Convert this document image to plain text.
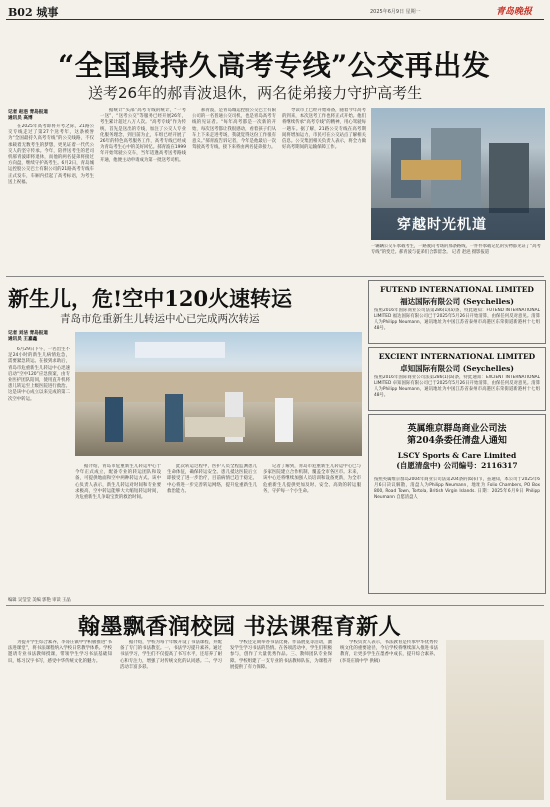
B02 城事	2025年6月9日 星期一	青岛晚报
“全国最持久高考专线”公交再出发
送考26年的郝青波退休，两名徒弟接力守护高考生
记者 赵浥 青岛报道
通讯员 高博
在2025年高考即将开考之际，21路公交专线走过了第27个送考年，这条被誉为“全国最持久高考专线”的公交线路，不仅承载着无数考生的梦想，更见证着一代代公交人的坚守传承。今年，陪伴送考生的老司机郝青波即将退休，而他的两名徒弟将接过方向盘，继续守护高考生。6月2日，青岛城运控股公交巴士有限公司的21路高考专线车正式发车，车厢内挂起了高考标语，为考生送上祝福。
据统计“头部”高考专线的统计，“一考一送”，“送考公交”等服务已经开展26年，考生累计超过八万人次。“高考专线”作为传统，首先是送出的专线，加注了公交人专业化服务理念，到目前为止，车组已经开展了26年的特色高考服务工作，高考专线已经成为青岛考生心中的美好回忆。郝青波在1999年开始驾驶公交车，当年适逢高考送考路线开通，他便主动申请成为第一批送考司机。
郝青波，是青岛城运控股公交巴士有限公司的一名普通公交司机，也是青岛高考专线的见证者。“每年高考都是一次新的开始，每次送考都让我很感动，看着孩子们从车上下来走进考场，我就觉得这份工作很有意义。”郝青波告诉记者，今年是他最后一次驾驶高考专线，接下来将由两名徒弟接力。
导读市上已经开始筹备，随着今年高考的到来，本次送考工作也将正式开始。他们将继续传承“高考专线”的精神，用心驾驶每一趟车。据了解，21路公交专线在高考期间将增加运力，市民可在公交站点了解相关信息。公交集团相关负责人表示，将全力做好高考期间的运输保障工作。
穿越时光机道
一辆辆公交车承载考生，一路驶向考场的那条路线，一件件承载记忆的实物都见证了“高考专线”的变迁。郝青波与徒弟们合影留念。 记者 赵浥 摄影报道
新生儿，危!空中120火速转运
青岛市危重新生儿转运中心已完成两次转运
记者 刘洁 青岛报道
通讯员 王嘉鑫
6月29日下午，一名出生不足24小时的新生儿病情危急，需要紧急转运。在接到求助后，青岛市危重新生儿转运中心迅速启动“空中120”应急预案，由专业医护团队陪同，使用直升机将患儿转运至上级医院进行救治。这是该中心成立以来完成的第二次空中转运。
据介绍，青岛市危重新生儿转运中心于今年正式成立，配备专业的转运团队和设备，可提供地面和空中两种转运方式。该中心负责人表示，新生儿转运对时间和专业要求极高，空中转运能够大大缩短转运时间，为危重新生儿争取宝贵的救治时间。
此次转运过程中，医护人员全程监测患儿生命体征，确保转运安全。患儿抵达医院后立即接受了进一步治疗，目前病情已趋于稳定。中心将进一步完善转运网络，提升危重新生儿救治能力。
记者了解到，青岛市危重新生儿转运中心已与多家医院建立合作机制，覆盖全市各区市。未来，该中心还将继续加强人员培训和设备更新，为全市危重新生儿提供更加及时、安全、高效的转运服务，守护每一个小生命。
FUTEND INTERNATIONAL LIMITED
福达国际有限公司 (Seychelles)
按照2016年国际商业公司法第286(1)(a)条，特此通知：FUTEND INTERNATIONAL LIMITED 福达国际有限公司已于2025年5月26日开始清算，由保任何反对意见。清算人为Philipp Neumann，通讯地址为中国江苏省泰州市高港区东荣街道新港村十七组48号。
EXCIENT INTERNATIONAL LIMITED
卓知国际有限公司 (Seychelles)
按照2016年国际商业公司法第286(1)(a)条，特此通知：EXCIENT INTERNATIONAL LIMITED 卓知国际有限公司已于2025年5月26日开始清算，由保任何反对意见。清算人为Philipp Neumann，通讯地址为中国江苏省泰州市高港区东荣街道新港村十七组48号。
英属维京群岛商业公司法
第204条委任清盘人通知
LSCY Sports & Care Limited
(自愿清盘中) 公司编号：2116317
按照英属维京群岛2004年商业公司法第204条的(b)(i)节，兹通知，本公司于2025年6月6日决议解散，清盘人为Philipp Neumann，地址为 Folio Chambers, PO Box 800, Road Town, Tortola, British Virgin Islands. 日期：2025年6月9日 Philipp Neumann 自愿清盘人
编辑 吴莹莹 美编 郭艳 审读 王晶
翰墨飘香润校园 书法课程育新人
为提升学生综合素养，李哥庄镇中学积极推进“书法进课堂”，将书法课程纳入学校日常教学体系。学校邀请专业书法教师授课，带领学生学习书法基础知识，练习汉字书写，感受中华传统文化的魅力。
据介绍，学校为每个年级开设了书法课程，并配备了专门的书法教室。一、书法学习提升素养。通过书法学习，学生们不仅提高了书写水平，还培养了耐心和专注力，增强了对传统文化的认同感。二、学习活动丰富多彩。
学校还定期举办书法比赛、作品展览等活动，激发学生学习书法的热情。在各项活动中，学生们积极参与，创作了大量优秀作品。三、教师团队专业保障。学校组建了一支专业的书法教师队伍，为课程开展提供了有力保障。
学校负责人表示，书法教育是传承中华优秀传统文化的重要途径，今后学校将继续深入推进书法教育，让更多学生在墨香中成长，提升综合素养。(李哥庄镇中学 供稿)
